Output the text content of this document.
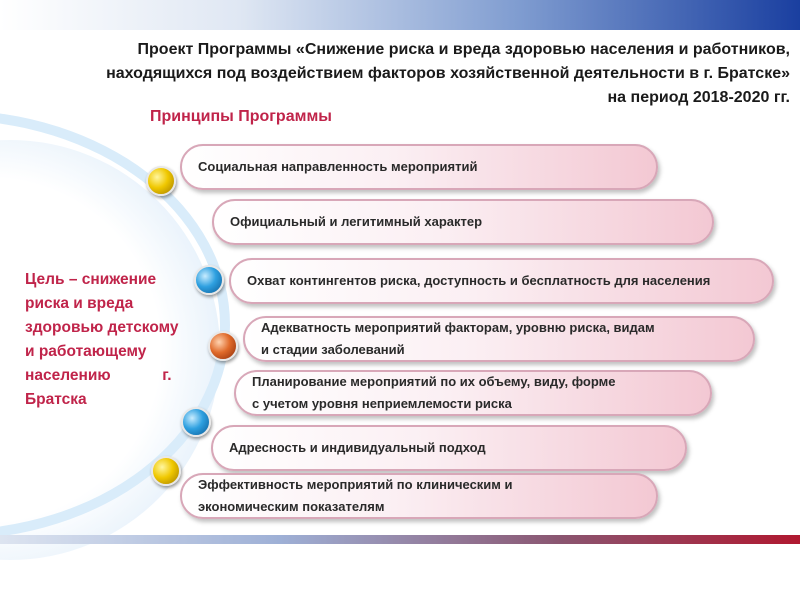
Проект Программы «Снижение риска и вреда здоровью населения и работников,
находящихся под воздействием факторов хозяйственной деятельности в г. Братске»
на период 2018-2020 гг.
Принципы Программы
Цель – снижение
риска и вреда
здоровью детскому
и работающему
населению            г.
Братска
Социальная направленность мероприятий
Официальный и легитимный характер
Охват контингентов риска, доступность и бесплатность для населения
Адекватность мероприятий факторам, уровню риска, видам
и стадии заболеваний
Планирование мероприятий по их объему, виду, форме
с учетом уровня неприемлемости риска
Адресность и индивидуальный подход
Эффективность мероприятий по клиническим и
экономическим показателям
